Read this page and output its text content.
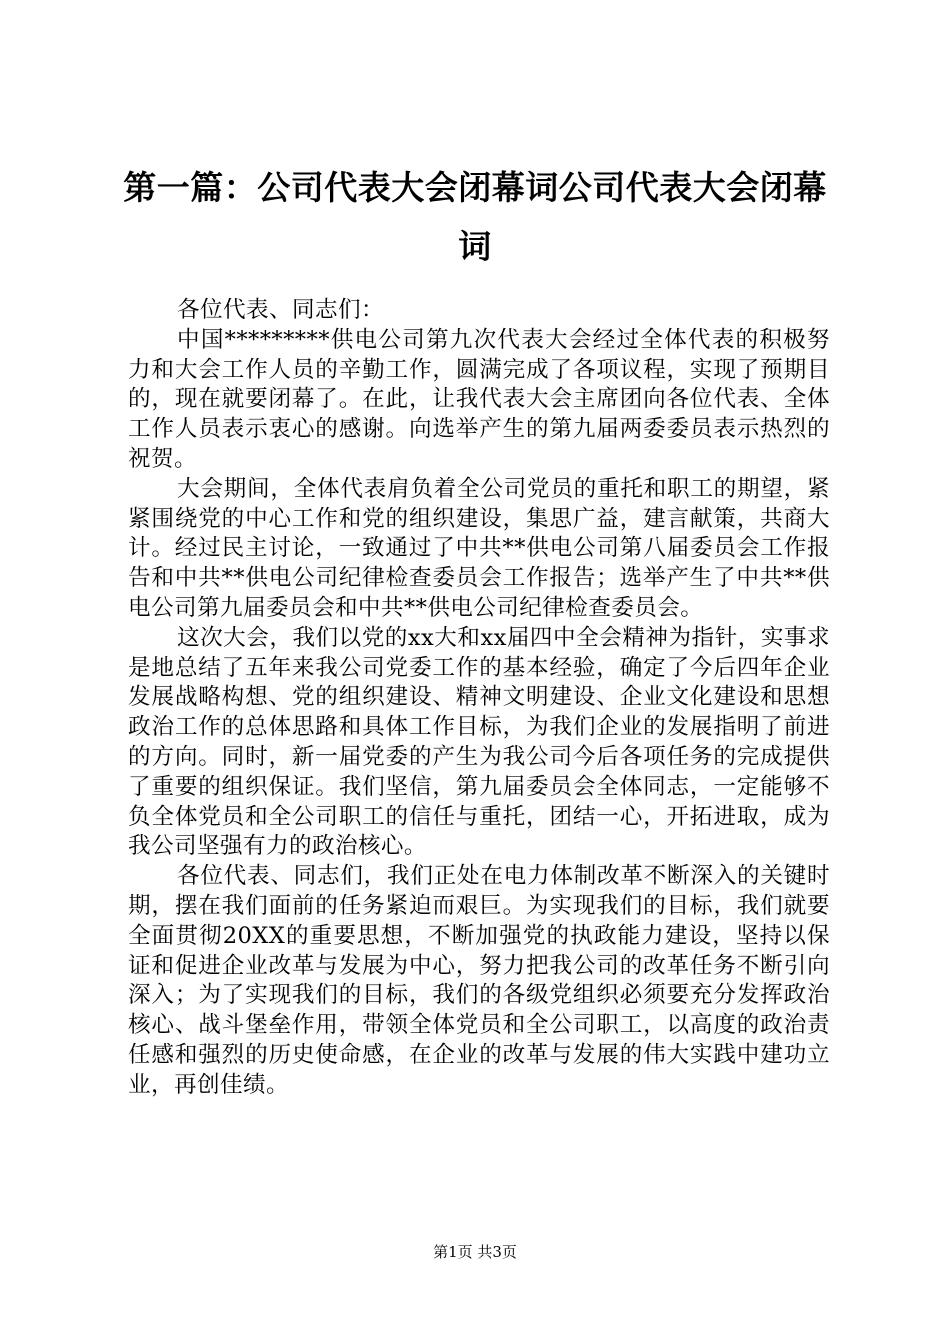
第一篇：公司代表大会闭幕词公司代表大会闭幕词

各位代表、同志们：

中国*********供电公司第九次代表大会经过全体代表的积极努力和大会工作人员的辛勤工作，圆满完成了各项议程，实现了预期目的，现在就要闭幕了。在此，让我代表大会主席团向各位代表、全体工作人员表示衷心的感谢。向选举产生的第九届两委委员表示热烈的祝贺。

大会期间，全体代表肩负着全公司党员的重托和职工的期望，紧紧围绕党的中心工作和党的组织建设，集思广益，建言献策，共商大计。经过民主讨论，一致通过了中共**供电公司第八届委员会工作报告和中共**供电公司纪律检查委员会工作报告；选举产生了中共**供电公司第九届委员会和中共**供电公司纪律检查委员会。

这次大会，我们以党的xx大和xx届四中全会精神为指针，实事求是地总结了五年来我公司党委工作的基本经验，确定了今后四年企业发展战略构想、党的组织建设、精神文明建设、企业文化建设和思想政治工作的总体思路和具体工作目标，为我们企业的发展指明了前进的方向。同时，新一届党委的产生为我公司今后各项任务的完成提供了重要的组织保证。我们坚信，第九届委员会全体同志，一定能够不负全体党员和全公司职工的信任与重托，团结一心，开拓进取，成为我公司坚强有力的政治核心。

各位代表、同志们，我们正处在电力体制改革不断深入的关键时期，摆在我们面前的任务紧迫而艰巨。为实现我们的目标，我们就要全面贯彻20XX的重要思想，不断加强党的执政能力建设，坚持以保证和促进企业改革与发展为中心，努力把我公司的改革任务不断引向深入；为了实现我们的目标，我们的各级党组织必须要充分发挥政治核心、战斗堡垒作用，带领全体党员和全公司职工，以高度的政治责任感和强烈的历史使命感，在企业的改革与发展的伟大实践中建功立业，再创佳绩。

第1页 共3页
